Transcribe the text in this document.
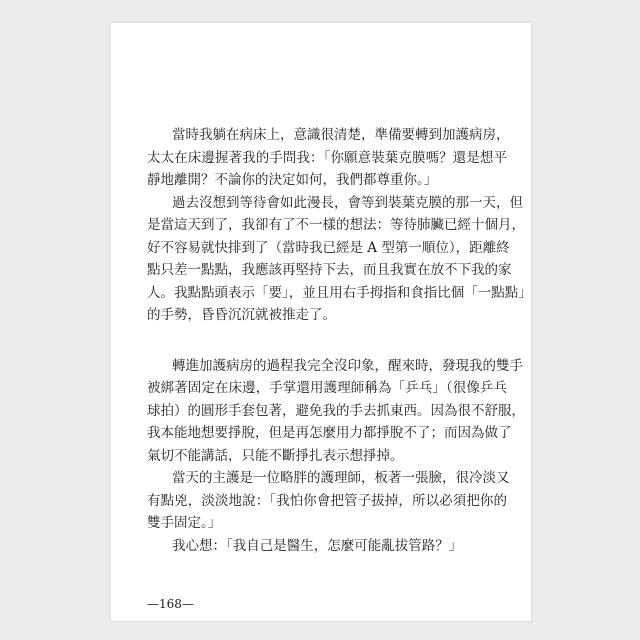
當時我躺在病床上，意識很清楚，準備要轉到加護病房，
太太在床邊握著我的手問我：「你願意裝葉克膜嗎？還是想平
靜地離開？不論你的決定如何，我們都尊重你。」

過去沒想到等待會如此漫長，會等到裝葉克膜的那一天，但
是當這天到了，我卻有了不一樣的想法：等待肺臟已經十個月，
好不容易就快排到了（當時我已經是 A 型第一順位），距離終
點只差一點點，我應該再堅持下去，而且我實在放不下我的家
人。我點點頭表示「要」，並且用右手拇指和食指比個「一點點」
的手勢，昏昏沉沉就被推走了。

轉進加護病房的過程我完全沒印象，醒來時，發現我的雙手
被綁著固定在床邊，手掌還用護理師稱為「乒乓」（很像乒乓
球拍）的圓形手套包著，避免我的手去抓東西。因為很不舒服，
我本能地想要掙脫，但是再怎麼用力都掙脫不了；而因為做了
氣切不能講話，只能不斷掙扎表示想掙掉。

當天的主護是一位略胖的護理師，板著一張臉，很冷淡又
有點兇，淡淡地說：「我怕你會把管子拔掉，所以必須把你的
雙手固定。」

我心想：「我自己是醫生，怎麼可能亂拔管路？」

—168—
